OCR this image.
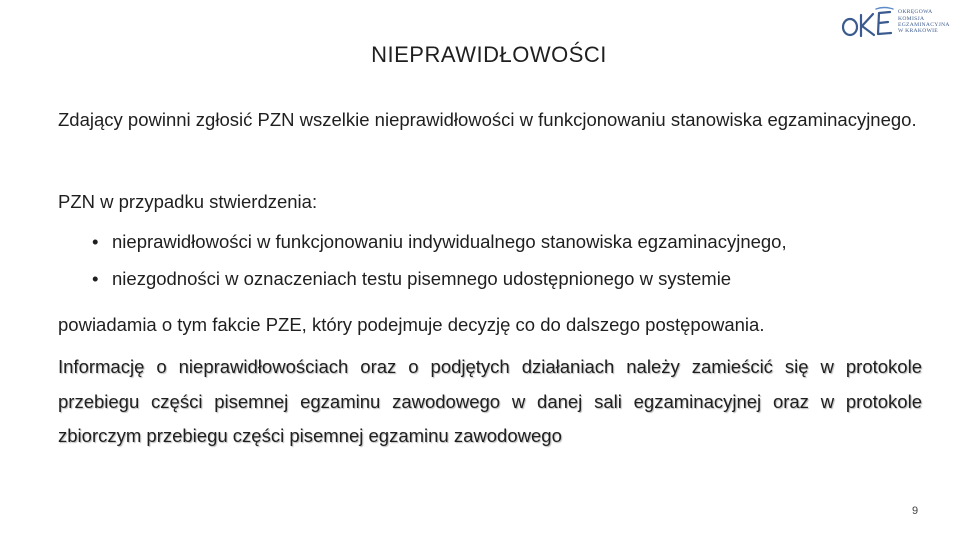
OKRĘGOWA
KOMISJA
EGZAMINACYJNA
W KRAKOWIE
NIEPRAWIDŁOWOŚCI
Zdający powinni zgłosić PZN wszelkie nieprawidłowości w funkcjonowaniu stanowiska egzaminacyjnego.
PZN w przypadku stwierdzenia:
• nieprawidłowości w funkcjonowaniu indywidualnego stanowiska egzaminacyjnego,
• niezgodności w oznaczeniach testu pisemnego udostępnionego w systemie
powiadamia o tym fakcie PZE, który podejmuje decyzję co do dalszego postępowania.
Informację o nieprawidłowościach oraz o podjętych działaniach należy zamieścić się w protokole przebiegu części pisemnej egzaminu zawodowego w danej sali egzaminacyjnej oraz w protokole zbiorczym przebiegu części pisemnej egzaminu zawodowego
9
